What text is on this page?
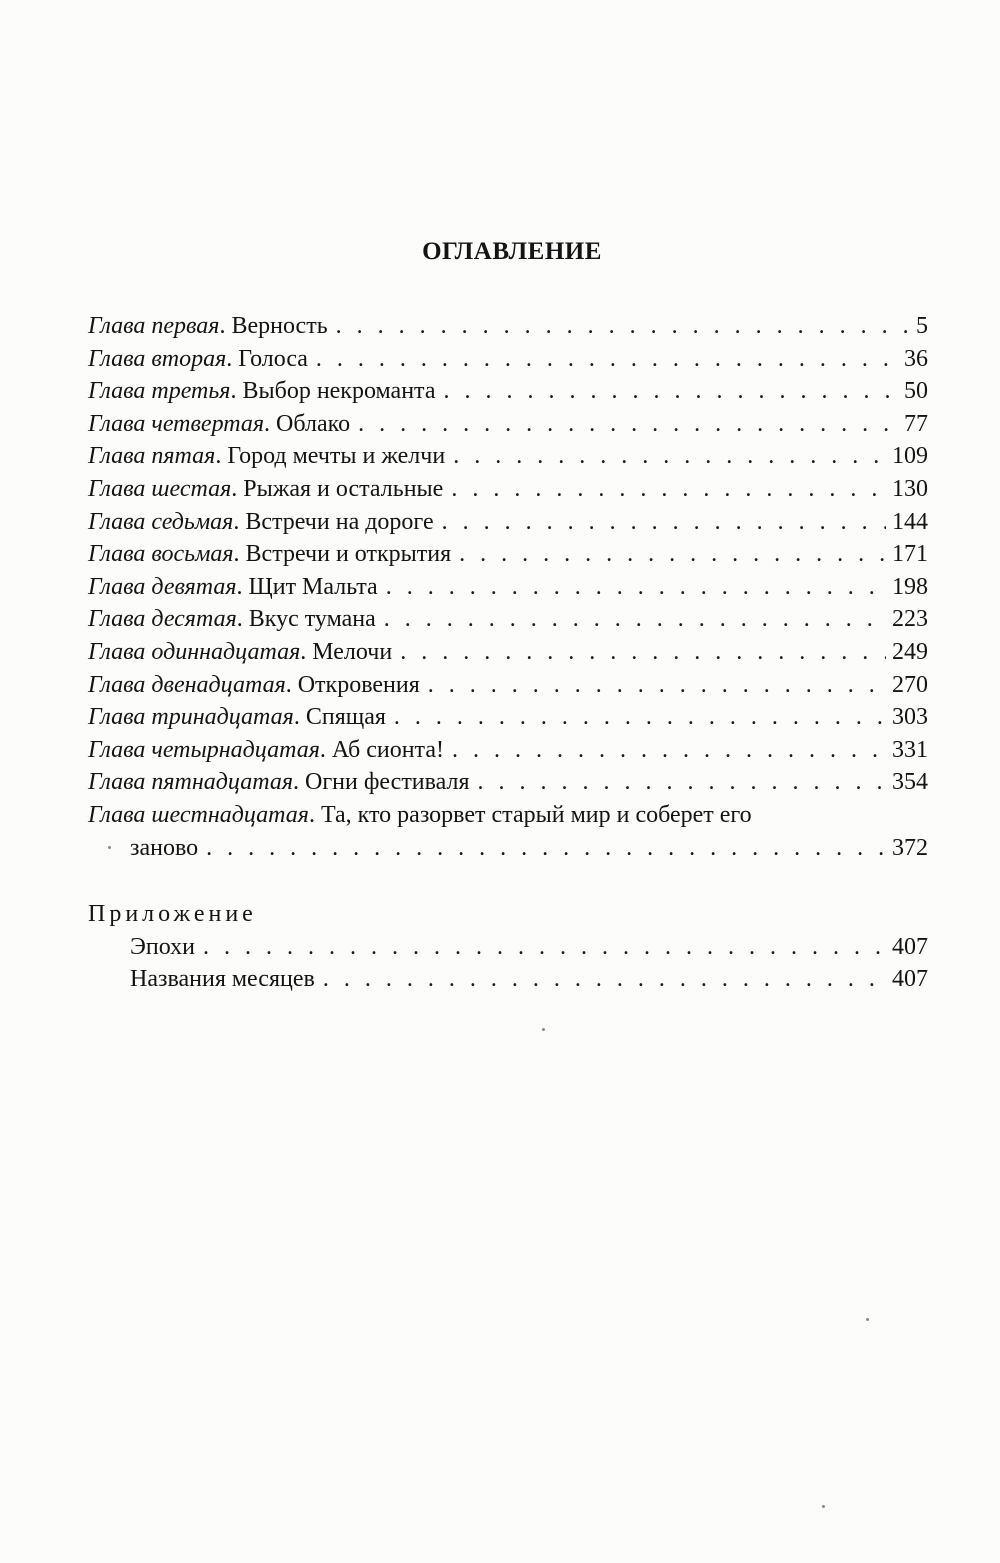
ОГЛАВЛЕНИЕ
Глава первая . Верность . . .	5
Глава вторая . Голоса . . .	36
Глава третья . Выбор некроманта . . .	50
Глава четвертая . Облако . . .	77
Глава пятая . Город мечты и желчи . . .	109
Глава шестая . Рыжая и остальные . . .	130
Глава седьмая . Встречи на дороге . . .	144
Глава восьмая . Встречи и открытия . . .	171
Глава девятая . Щит Мальта . . .	198
Глава десятая . Вкус тумана . . .	223
Глава одиннадцатая . Мелочи . . .	249
Глава двенадцатая . Откровения . . .	270
Глава тринадцатая . Спящая . . .	303
Глава четырнадцатая . Аб сионта! . . .	331
Глава пятнадцатая . Огни фестиваля . . .	354
Глава шестнадцатая. Та, кто разорвет старый мир и соберет его
заново . . .	372
Приложение
Эпохи . . .	407
Названия месяцев . . .	407
